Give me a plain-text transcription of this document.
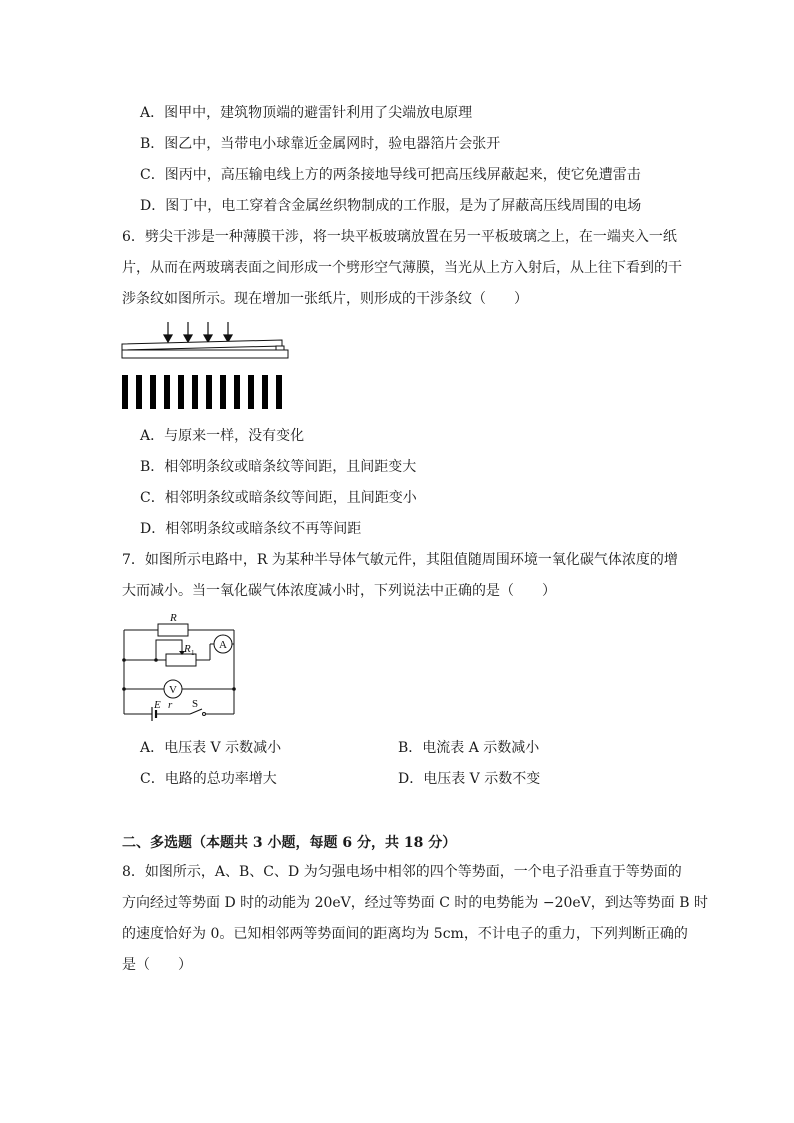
A．图甲中，建筑物顶端的避雷针利用了尖端放电原理
B．图乙中，当带电小球靠近金属网时，验电器箔片会张开
C．图丙中，高压输电线上方的两条接地导线可把高压线屏蔽起来，使它免遭雷击
D．图丁中，电工穿着含金属丝织物制成的工作服，是为了屏蔽高压线周围的电场
6．劈尖干涉是一种薄膜干涉，将一块平板玻璃放置在另一平板玻璃之上，在一端夹入一纸
片，从而在两玻璃表面之间形成一个劈形空气薄膜，当光从上方入射后，从上往下看到的干
涉条纹如图所示。现在增加一张纸片，则形成的干涉条纹（　　）
A．与原来一样，没有变化
B．相邻明条纹或暗条纹等间距，且间距变大
C．相邻明条纹或暗条纹等间距，且间距变小
D．相邻明条纹或暗条纹不再等间距
7．如图所示电路中，R 为某种半导体气敏元件，其阻值随周围环境一氧化碳气体浓度的增
大而减小。当一氧化碳气体浓度减小时，下列说法中正确的是（　　）
R
R 1
E r S
A
V
A．电压表 V 示数减小	B．电流表 A 示数减小
C．电路的总功率增大	D．电压表 V 示数不变
二、多选题（本题共 3 小题，每题 6 分，共 18 分）
8．如图所示，A、B、C、D 为匀强电场中相邻的四个等势面，一个电子沿垂直于等势面的
方向经过等势面 D 时的动能为 20eV，经过等势面 C 时的电势能为 −20eV，到达等势面 B 时
的速度恰好为 0。已知相邻两等势面间的距离均为 5cm，不计电子的重力，下列判断正确的
是（　　）
